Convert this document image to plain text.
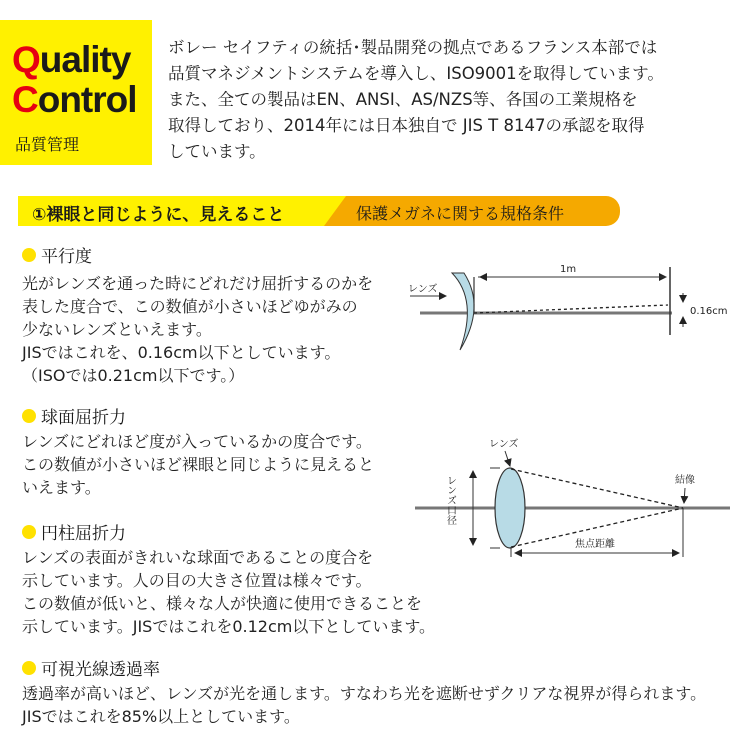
Quality
Control
品質管理
ボレー セイフティの統括･製品開発の拠点であるフランス本部では
品質マネジメントシステムを導入し、ISO9001を取得しています。
また、全ての製品はEN、ANSI、AS/NZS等、各国の工業規格を
取得しており、2014年には日本独自で JIS T 8147の承認を取得
しています。
①裸眼と同じように、見えること	保護メガネに関する規格条件
平行度
光がレンズを通った時にどれだけ屈折するのかを
表した度合で、この数値が小さいほどゆがみの
少ないレンズといえます。
JISではこれを、0.16cm以下としています。
（ISOでは0.21cm以下です。）
球面屈折力
レンズにどれほど度が入っているかの度合です。
この数値が小さいほど裸眼と同じように見えると
いえます。
円柱屈折力
レンズの表面がきれいな球面であることの度合を
示しています。人の目の大きさ位置は様々です。
この数値が低いと、様々な人が快適に使用できることを
示しています。JISではこれを0.12cm以下としています。
可視光線透過率
透過率が高いほど、レンズが光を通します。すなわち光を遮断せずクリアな視界が得られます。
JISではこれを85%以上としています。
1m
0.16cm
レンズ
レンズ口径
焦点距離
レンズ
結像
